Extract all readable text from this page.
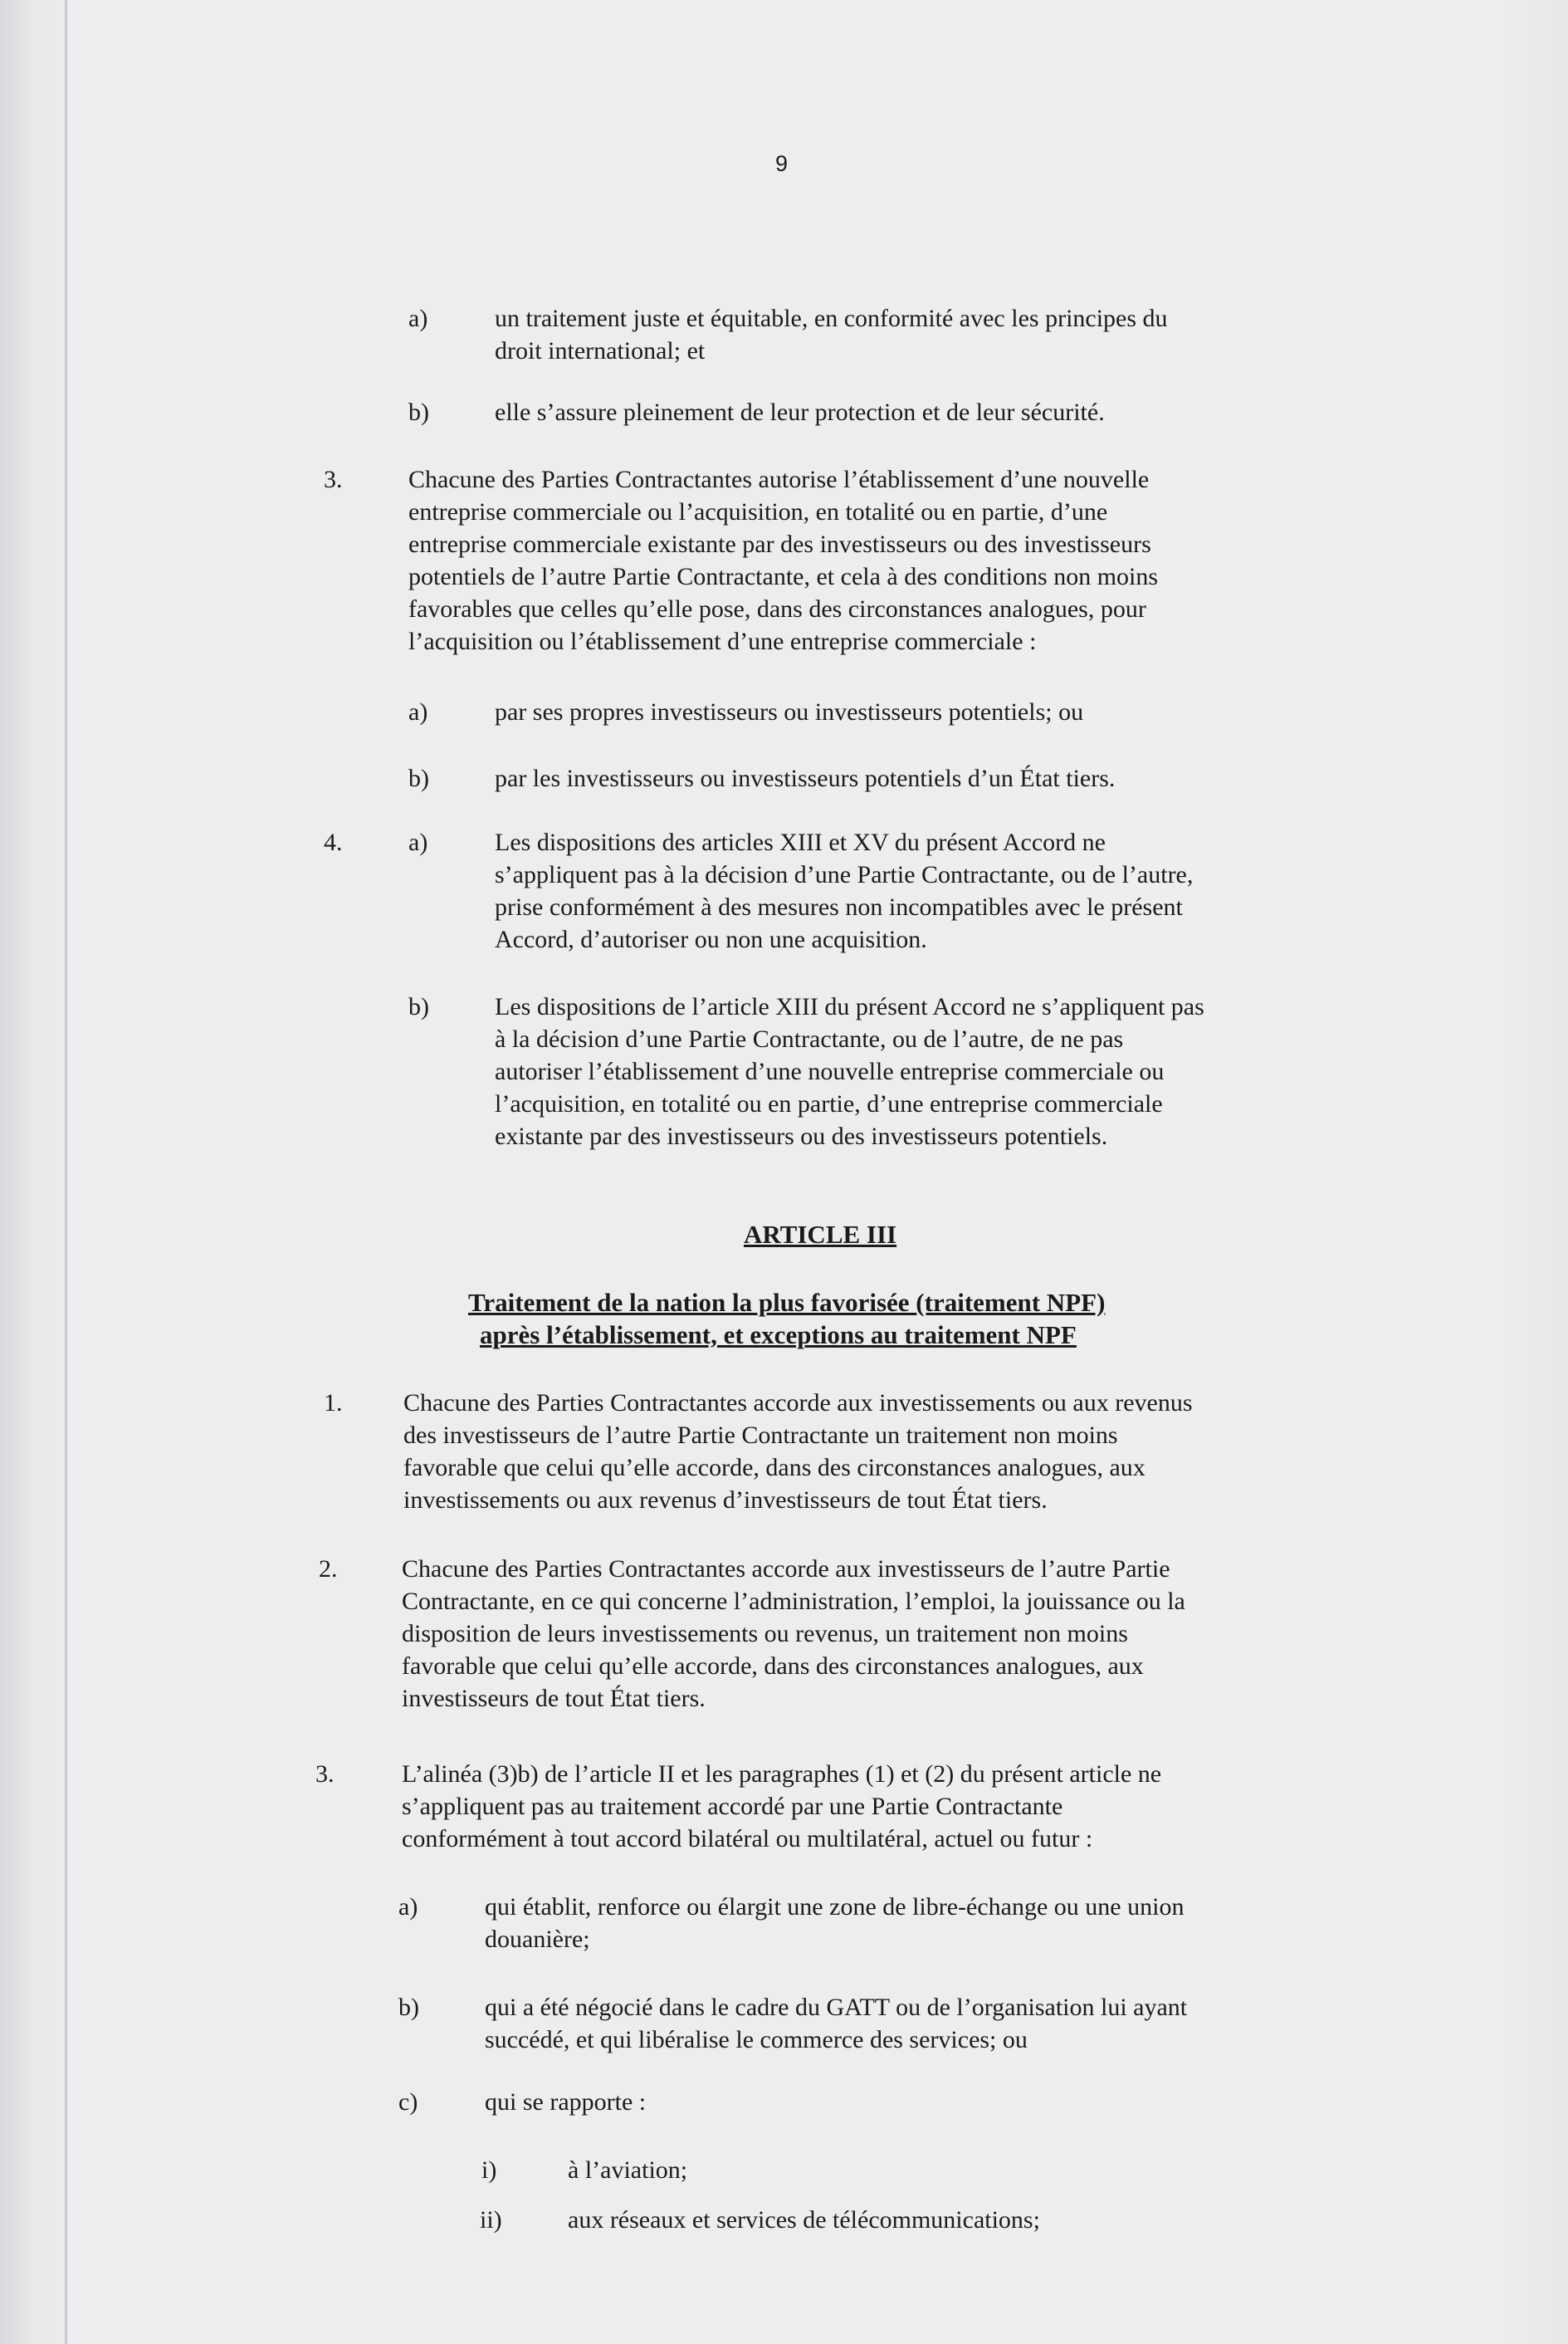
9
a)	un traitement juste et équitable, en conformité avec les principes du
droit international; et
b)	elle s’assure pleinement de leur protection et de leur sécurité.
3.	Chacune des Parties Contractantes autorise l’établissement d’une nouvelle
entreprise commerciale ou l’acquisition, en totalité ou en partie, d’une
entreprise commerciale existante par des investisseurs ou des investisseurs
potentiels de l’autre Partie Contractante, et cela à des conditions non moins
favorables que celles qu’elle pose, dans des circonstances analogues, pour
l’acquisition ou l’établissement d’une entreprise commerciale :
a)	par ses propres investisseurs ou investisseurs potentiels; ou
b)	par les investisseurs ou investisseurs potentiels d’un État tiers.
4.	a)	Les dispositions des articles XIII et XV du présent Accord ne
s’appliquent pas à la décision d’une Partie Contractante, ou de l’autre,
prise conformément à des mesures non incompatibles avec le présent
Accord, d’autoriser ou non une acquisition.
b)	Les dispositions de l’article XIII du présent Accord ne s’appliquent pas
à la décision d’une Partie Contractante, ou de l’autre, de ne pas
autoriser l’établissement d’une nouvelle entreprise commerciale ou
l’acquisition, en totalité ou en partie, d’une entreprise commerciale
existante par des investisseurs ou des investisseurs potentiels.
ARTICLE III
Traitement de la nation la plus favorisée (traitement NPF)
après l’établissement, et exceptions au traitement NPF
1. Chacune des Parties Contractantes accorde aux investissements ou aux revenus
des investisseurs de l’autre Partie Contractante un traitement non moins
favorable que celui qu’elle accorde, dans des circonstances analogues, aux
investissements ou aux revenus d’investisseurs de tout État tiers.
2.	Chacune des Parties Contractantes accorde aux investisseurs de l’autre Partie
Contractante, en ce qui concerne l’administration, l’emploi, la jouissance ou la
disposition de leurs investissements ou revenus, un traitement non moins
favorable que celui qu’elle accorde, dans des circonstances analogues, aux
investisseurs de tout État tiers.
3.	L’alinéa (3)b) de l’article II et les paragraphes (1) et (2) du présent article ne
s’appliquent pas au traitement accordé par une Partie Contractante
conformément à tout accord bilatéral ou multilatéral, actuel ou futur :
a)	qui établit, renforce ou élargit une zone de libre-échange ou une union
douanière;
b)	qui a été négocié dans le cadre du GATT ou de l’organisation lui ayant
succédé, et qui libéralise le commerce des services; ou
c)	qui se rapporte :
i)	à l’aviation;
ii)	aux réseaux et services de télécommunications;
